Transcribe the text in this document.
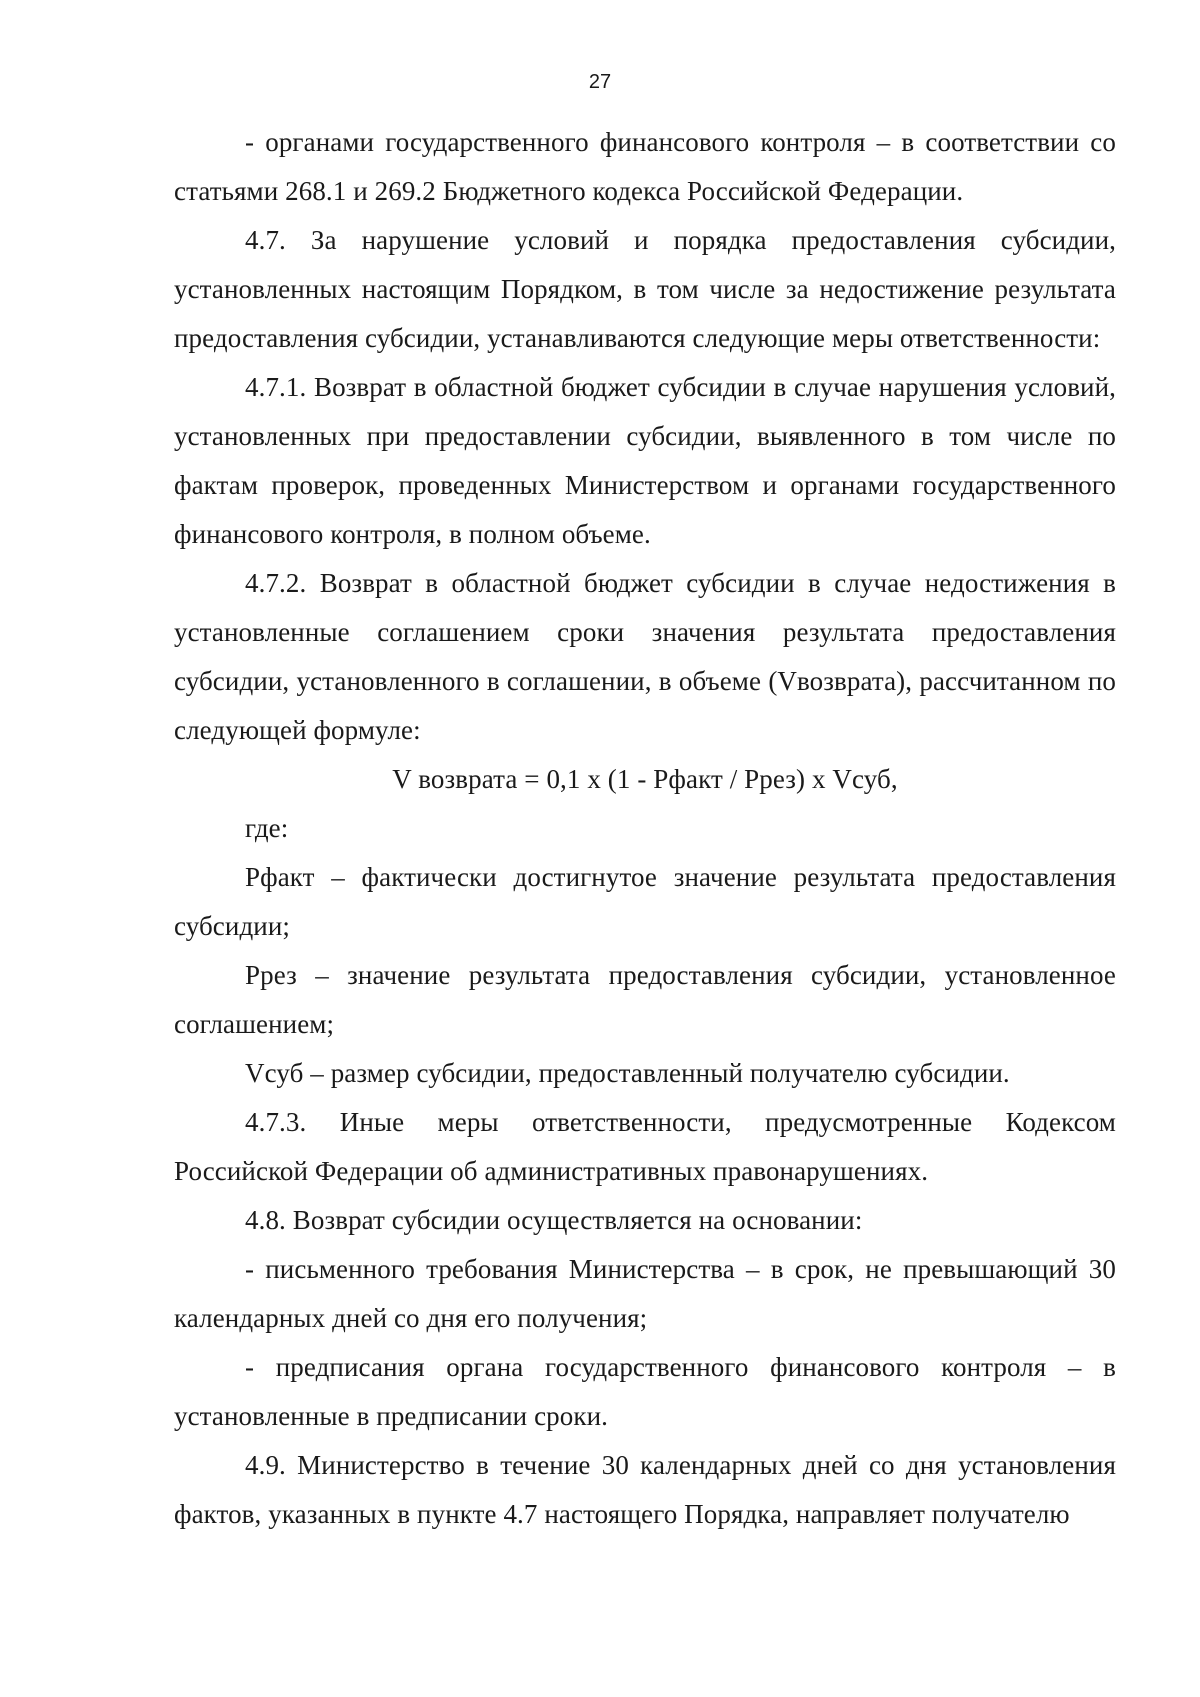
27

- органами государственного финансового контроля – в соответствии со статьями 268.1 и 269.2 Бюджетного кодекса Российской Федерации.

4.7. За нарушение условий и порядка предоставления субсидии, установленных настоящим Порядком, в том числе за недостижение результата предоставления субсидии, устанавливаются следующие меры ответственности:

4.7.1. Возврат в областной бюджет субсидии в случае нарушения условий, установленных при предоставлении субсидии, выявленного в том числе по фактам проверок, проведенных Министерством и органами государственного финансового контроля, в полном объеме.

4.7.2. Возврат в областной бюджет субсидии в случае недостижения в установленные соглашением сроки значения результата предоставления субсидии, установленного в соглашении, в объеме (Vвозврата), рассчитанном по следующей формуле:

V возврата = 0,1 х (1 - Рфакт / Ррез) х Vсуб,

где:

Рфакт – фактически достигнутое значение результата предоставления субсидии;

Ррез – значение результата предоставления субсидии, установленное соглашением;

Vсуб – размер субсидии, предоставленный получателю субсидии.

4.7.3. Иные меры ответственности, предусмотренные Кодексом Российской Федерации об административных правонарушениях.

4.8. Возврат субсидии осуществляется на основании:

- письменного требования Министерства – в срок, не превышающий 30 календарных дней со дня его получения;

- предписания органа государственного финансового контроля – в установленные в предписании сроки.

4.9. Министерство в течение 30 календарных дней со дня установления фактов, указанных в пункте 4.7 настоящего Порядка, направляет получателю
